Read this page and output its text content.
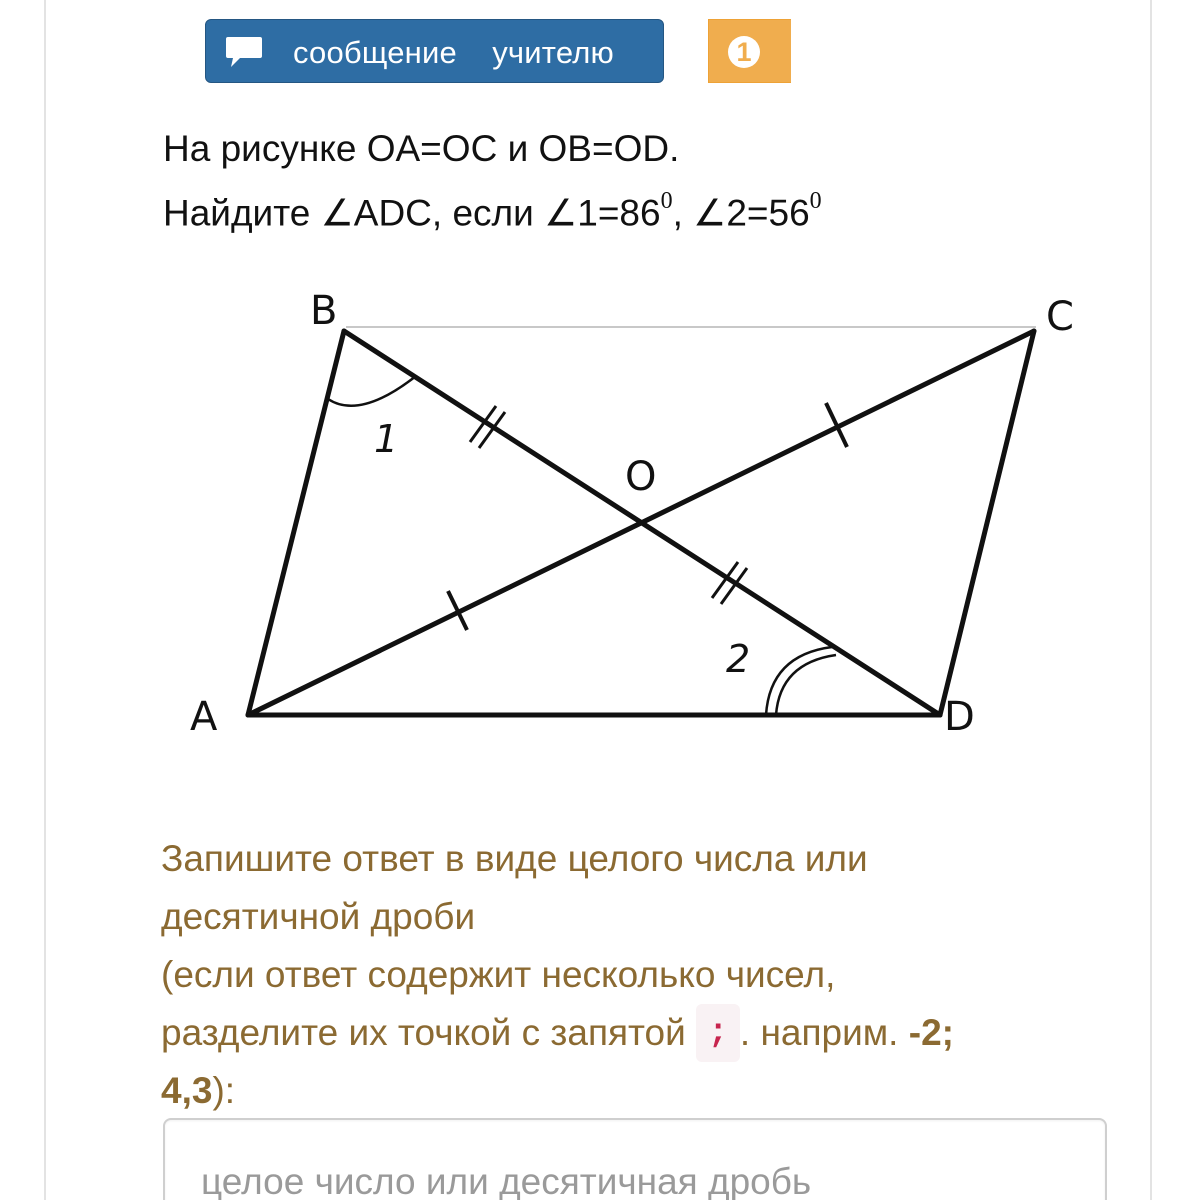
сообщение    учителю	1
На рисунке OA=OC и OB=OD.
Найдите ∠ADC, если $\angle 1=86^0$, $\angle 2=56^0$
B	C
A	D
O
1
2
Запишите ответ в виде целого числа или
десятичной дроби
(если ответ содержит несколько чисел,
разделите их точкой с запятой ; . наприм. -2;
4,3):
целое число или десятичная дробь
